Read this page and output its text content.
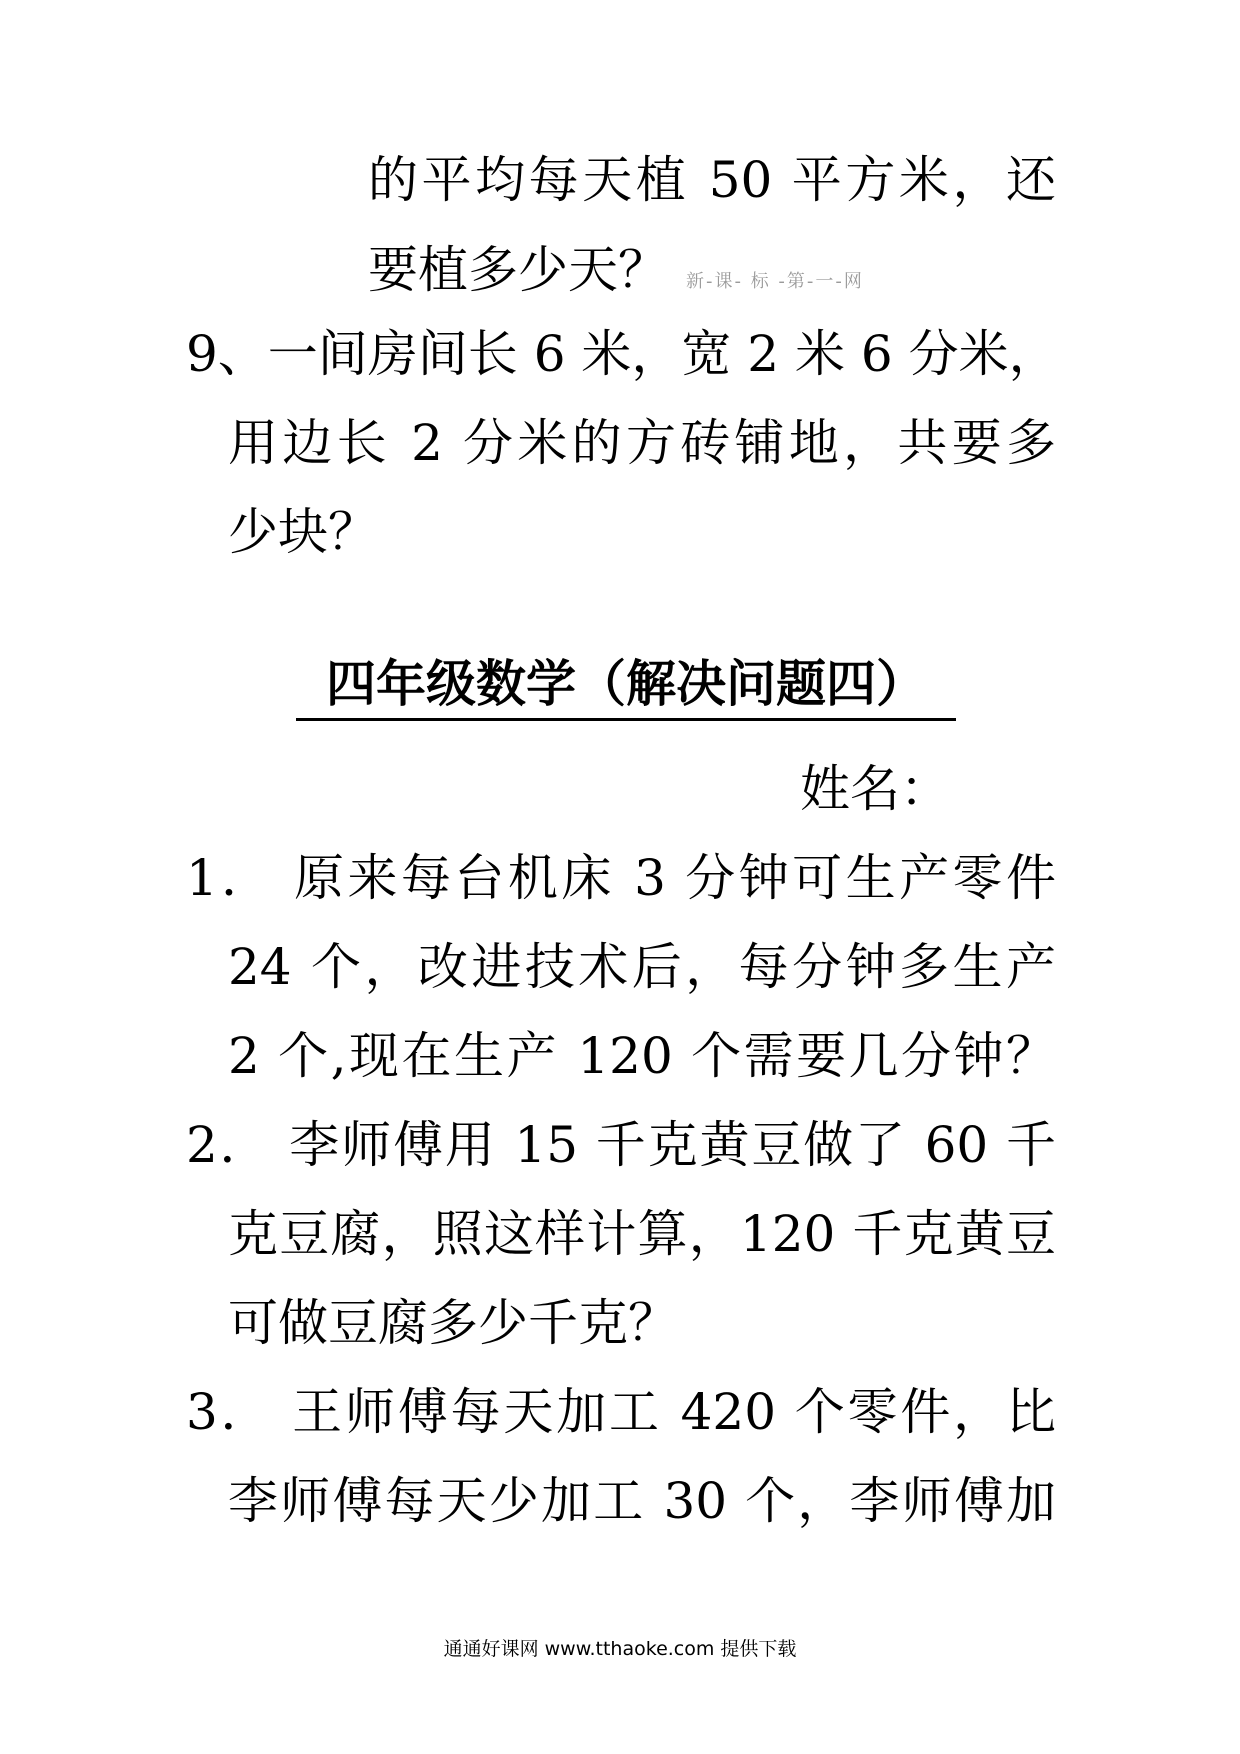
的平均每天植 50 平方米，还
要植多少天？ 新-课- 标 -第-一-网
9、一间房间长 6 米，宽 2 米 6 分米，
用边长 2 分米的方砖铺地，共要多
少块？
四年级数学（解决问题四）
姓名：
1． 原来每台机床 3 分钟可生产零件
24 个，改进技术后，每分钟多生产
2 个,现在生产 120 个需要几分钟？
2． 李师傅用 15 千克黄豆做了 60 千
克豆腐，照这样计算，120 千克黄豆
可做豆腐多少千克？
3． 王师傅每天加工 420 个零件，比
李师傅每天少加工 30 个，李师傅加
通通好课网 www.tthaoke.com 提供下载
